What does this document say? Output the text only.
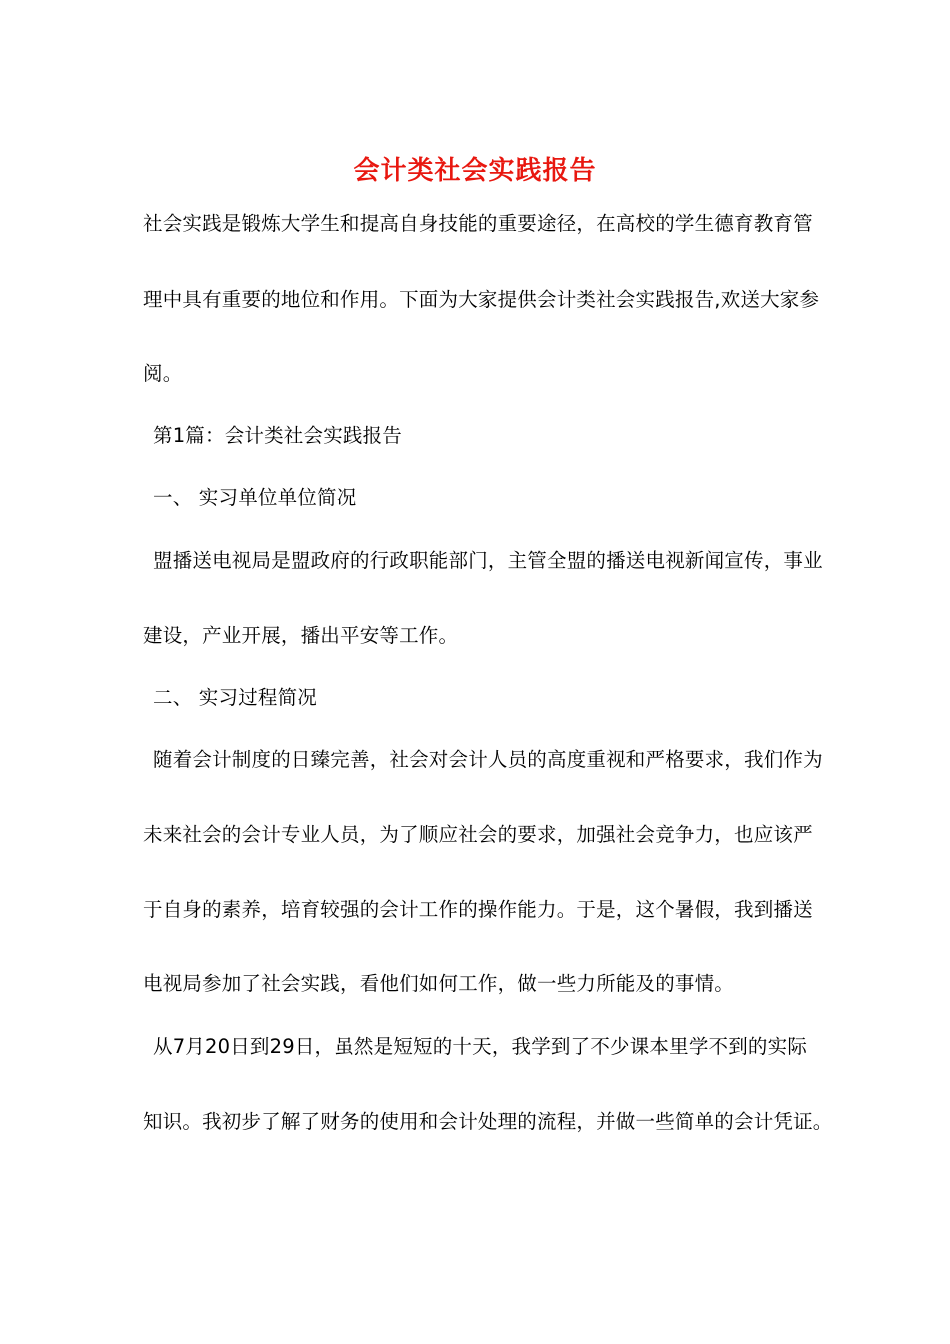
会计类社会实践报告
社会实践是锻炼大学生和提高自身技能的重要途径，在高校的学生德育教育管
理中具有重要的地位和作用。下面为大家提供会计类社会实践报告,欢送大家参
阅。
第1篇：会计类社会实践报告
一、 实习单位单位简况
盟播送电视局是盟政府的行政职能部门，主管全盟的播送电视新闻宣传，事业
建设，产业开展，播出平安等工作。
二、 实习过程简况
随着会计制度的日臻完善，社会对会计人员的高度重视和严格要求，我们作为
未来社会的会计专业人员，为了顺应社会的要求，加强社会竞争力，也应该严
于自身的素养，培育较强的会计工作的操作能力。于是，这个暑假，我到播送
电视局参加了社会实践，看他们如何工作，做一些力所能及的事情。
从7月20日到29日，虽然是短短的十天，我学到了不少课本里学不到的实际
知识。我初步了解了财务的使用和会计处理的流程，并做一些简单的会计凭证。
